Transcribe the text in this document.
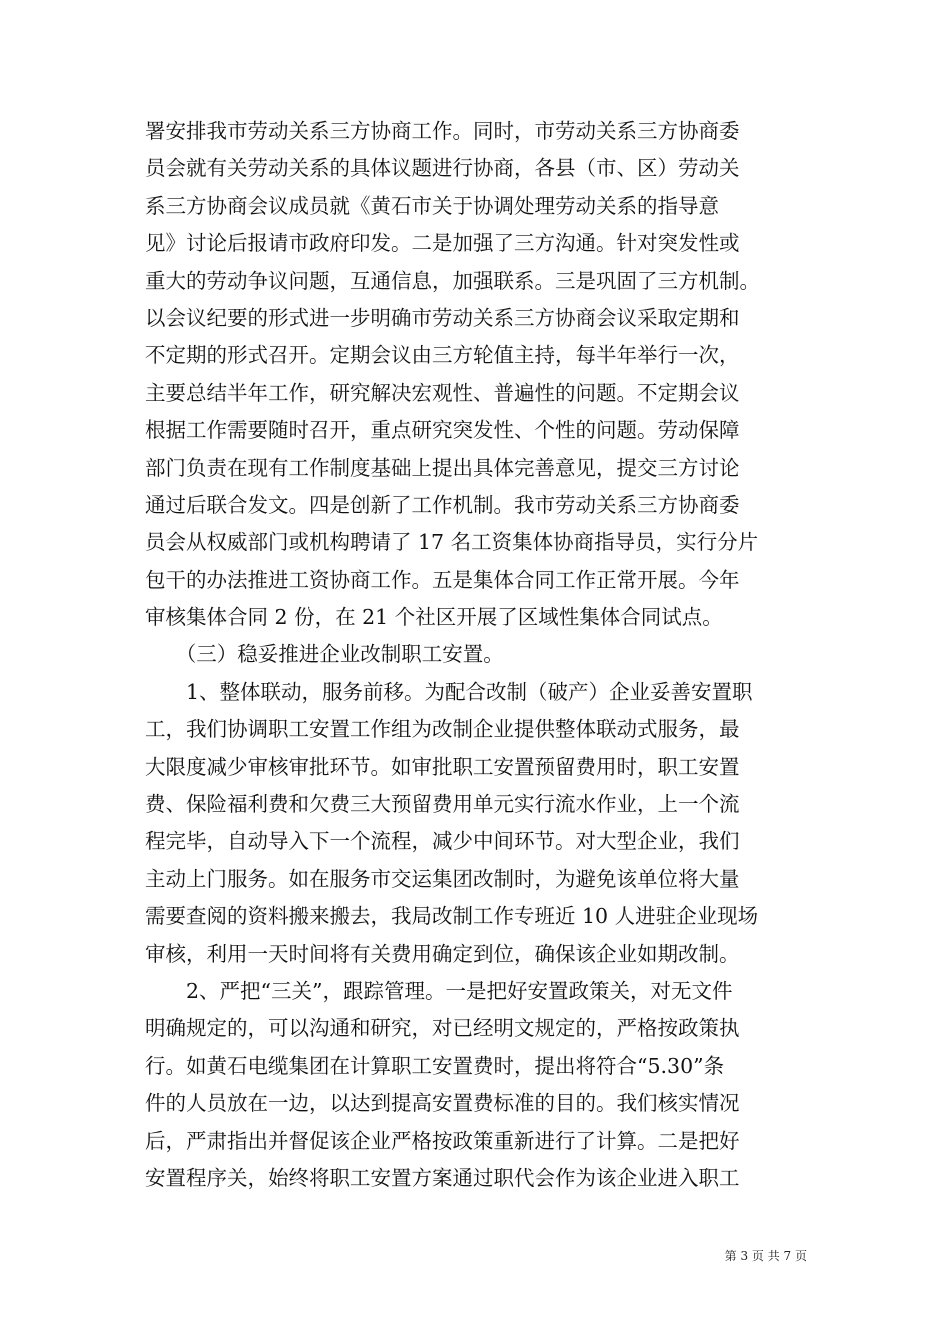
署安排我市劳动关系三方协商工作。同时，市劳动关系三方协商委
员会就有关劳动关系的具体议题进行协商，各县（市、区）劳动关
系三方协商会议成员就《黄石市关于协调处理劳动关系的指导意
见》讨论后报请市政府印发。二是加强了三方沟通。针对突发性或
重大的劳动争议问题，互通信息，加强联系。三是巩固了三方机制。
以会议纪要的形式进一步明确市劳动关系三方协商会议采取定期和
不定期的形式召开。定期会议由三方轮值主持，每半年举行一次，
主要总结半年工作，研究解决宏观性、普遍性的问题。不定期会议
根据工作需要随时召开，重点研究突发性、个性的问题。劳动保障
部门负责在现有工作制度基础上提出具体完善意见，提交三方讨论
通过后联合发文。四是创新了工作机制。我市劳动关系三方协商委
员会从权威部门或机构聘请了 17 名工资集体协商指导员，实行分片
包干的办法推进工资协商工作。五是集体合同工作正常开展。今年
审核集体合同 2 份，在 21 个社区开展了区域性集体合同试点。
　　（三）稳妥推进企业改制职工安置。
　　1、整体联动，服务前移。为配合改制（破产）企业妥善安置职
工，我们协调职工安置工作组为改制企业提供整体联动式服务，最
大限度减少审核审批环节。如审批职工安置预留费用时，职工安置
费、保险福利费和欠费三大预留费用单元实行流水作业，上一个流
程完毕，自动导入下一个流程，减少中间环节。对大型企业，我们
主动上门服务。如在服务市交运集团改制时，为避免该单位将大量
需要查阅的资料搬来搬去，我局改制工作专班近 10 人进驻企业现场
审核，利用一天时间将有关费用确定到位，确保该企业如期改制。
　　2、严把“三关”，跟踪管理。一是把好安置政策关，对无文件
明确规定的，可以沟通和研究，对已经明文规定的，严格按政策执
行。如黄石电缆集团在计算职工安置费时，提出将符合“5.30”条
件的人员放在一边，以达到提高安置费标准的目的。我们核实情况
后，严肃指出并督促该企业严格按政策重新进行了计算。二是把好
安置程序关，始终将职工安置方案通过职代会作为该企业进入职工
第 3 页 共 7 页
